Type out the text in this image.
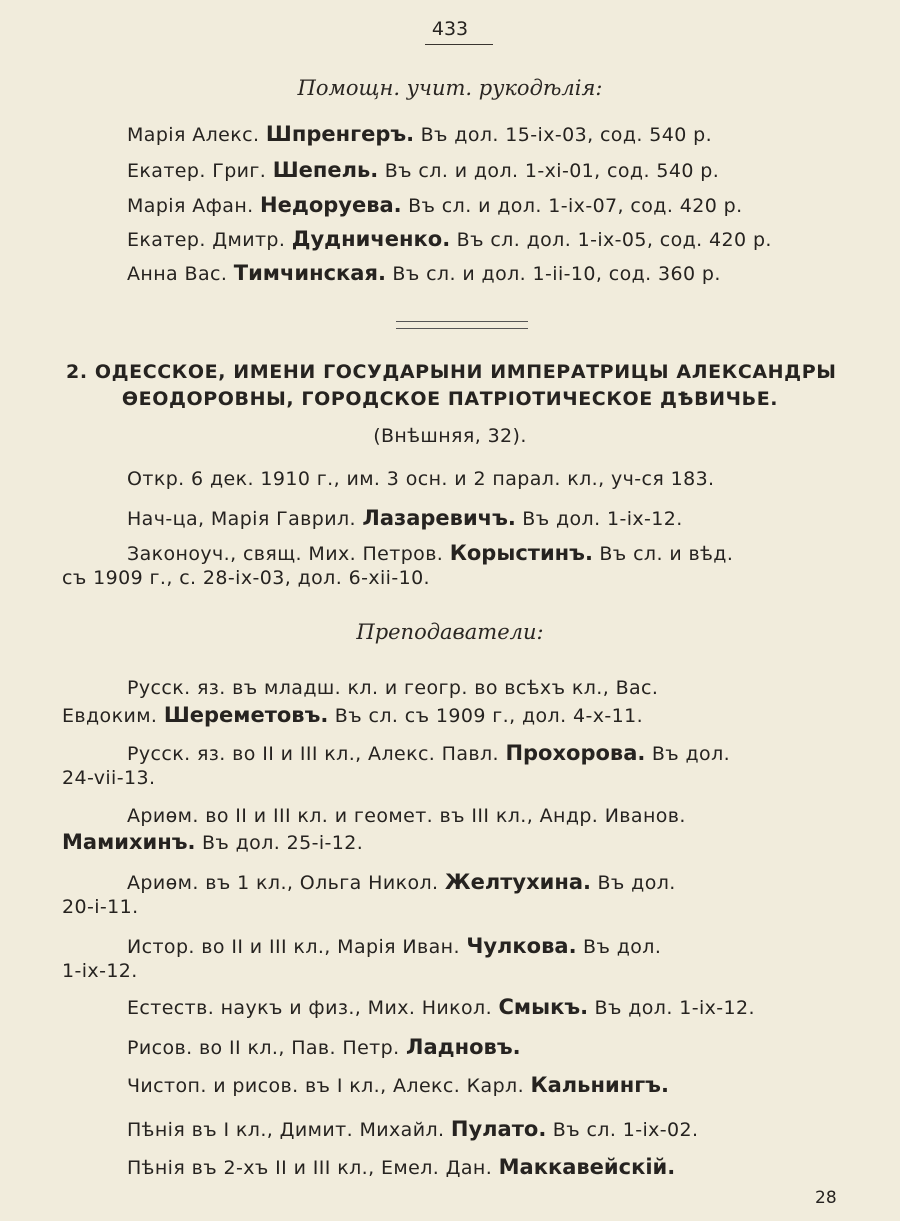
433
Помощн. учит. рукодѣлія:
Марія Алекс. Шпренгеръ. Въ дол. 15-ix-03, сод. 540 р.
Екатер. Григ. Шепель. Въ сл. и дол. 1-xi-01, сод. 540 р.
Марія Афан. Недоруева. Въ сл. и дол. 1-ix-07, сод. 420 р.
Екатер. Дмитр. Дудниченко. Въ сл. дол. 1-ix-05, сод. 420 р.
Анна Вас. Тимчинская. Въ сл. и дол. 1-ii-10, сод. 360 р.
2. ОДЕССКОЕ, ИМЕНИ ГОСУДАРЫНИ ИМПЕРАТРИЦЫ АЛЕКСАНДРЫ
ѲЕОДОРОВНЫ, ГОРОДСКОЕ ПАТРІОТИЧЕСКОЕ ДѢВИЧЬЕ.
(Внѣшняя, 32).
Откр. 6 дек. 1910 г., им. 3 осн. и 2 парал. кл., уч-ся 183.
Нач-ца, Марія Гаврил. Лазаревичъ. Въ дол. 1-ix-12.
Законоуч., свящ. Мих. Петров. Корыстинъ. Въ сл. и вѣд.
съ 1909 г., с. 28-ix-03, дол. 6-xii-10.
Преподаватели:
Русск. яз. въ младш. кл. и геогр. во всѣхъ кл., Вас.
Евдоким. Шереметовъ. Въ сл. съ 1909 г., дол. 4-x-11.
Русск. яз. во II и III кл., Алекс. Павл. Прохорова. Въ дол.
24-vii-13.
Ариѳм. во II и III кл. и геомет. въ III кл., Андр. Иванов.
Мамихинъ. Въ дол. 25-i-12.
Ариѳм. въ 1 кл., Ольга Никол. Желтухина. Въ дол.
20-i-11.
Истор. во II и III кл., Марія Иван. Чулкова. Въ дол.
1-ix-12.
Естеств. наукъ и физ., Мих. Никол. Смыкъ. Въ дол. 1-ix-12.
Рисов. во II кл., Пав. Петр. Ладновъ.
Чистоп. и рисов. въ I кл., Алекс. Карл. Кальнингъ.
Пѣнія въ I кл., Димит. Михайл. Пулато. Въ сл. 1-ix-02.
Пѣнія въ 2-хъ II и III кл., Емел. Дан. Маккавейскій.
28
